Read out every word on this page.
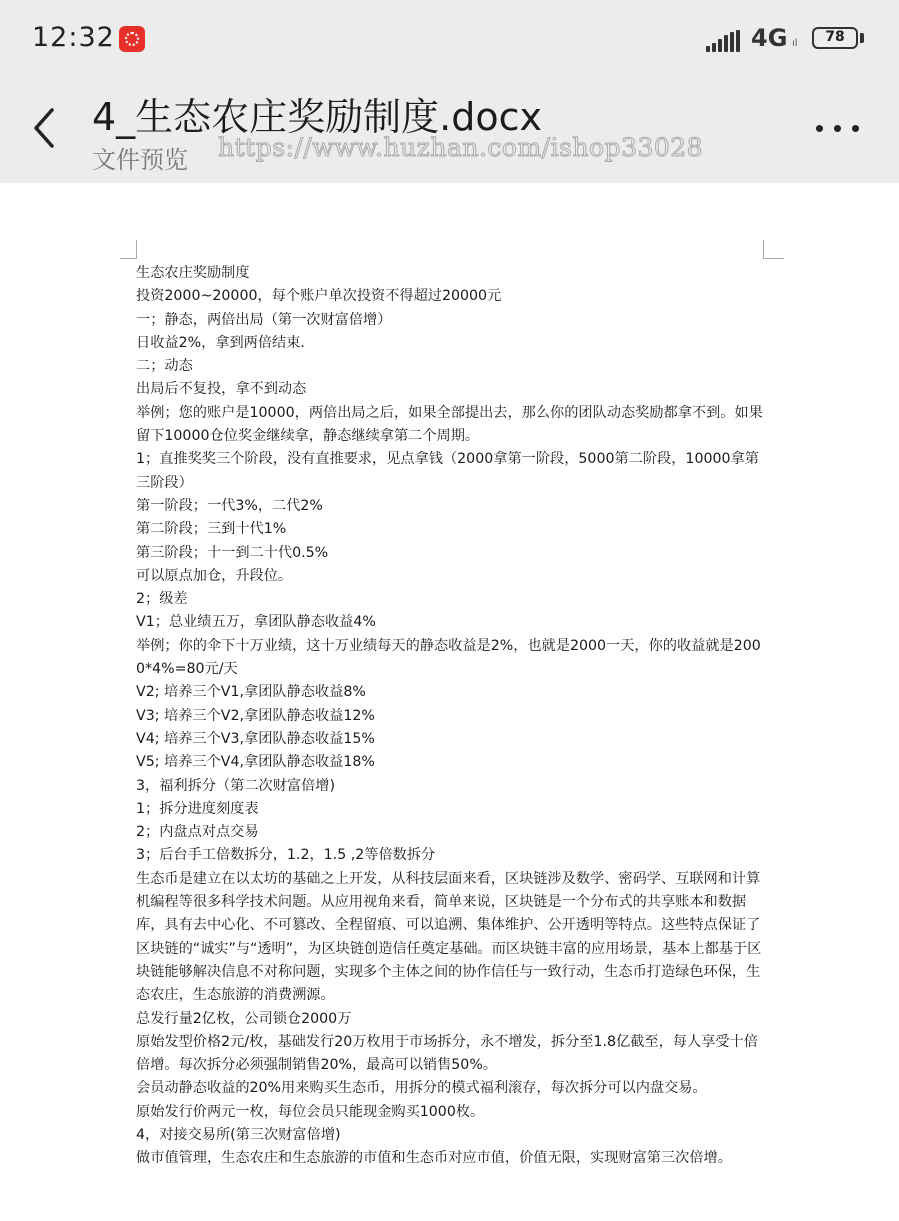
12:32	4G ıl	78
4_生态农庄奖励制度.docx
文件预览 https://www.huzhan.com/ishop33028

生态农庄奖励制度

投资2000~20000，每个账户单次投资不得超过20000元

一；静态，两倍出局（第一次财富倍增）

日收益2%，拿到两倍结束.

二；动态

出局后不复投，拿不到动态

举例；您的账户是10000，两倍出局之后，如果全部提出去，那么你的团队动态奖励都拿不到。如果留下10000仓位奖金继续拿，静态继续拿第二个周期。

1；直推奖奖三个阶段，没有直推要求，见点拿钱（2000拿第一阶段，5000第二阶段，10000拿第三阶段）

第一阶段；一代3%，二代2%

第二阶段；三到十代1%

第三阶段；十一到二十代0.5%

可以原点加仓，升段位。

2；级差

V1；总业绩五万，拿团队静态收益4%

举例；你的伞下十万业绩，这十万业绩每天的静态收益是2%，也就是2000一天，你的收益就是2000*4%=80元/天

V2; 培养三个V1,拿团队静态收益8%

V3; 培养三个V2,拿团队静态收益12%

V4; 培养三个V3,拿团队静态收益15%

V5; 培养三个V4,拿团队静态收益18%

3，福利拆分（第二次财富倍增)

1；拆分进度刻度表

2；内盘点对点交易

3；后台手工倍数拆分，1.2，1.5 ,2等倍数拆分

生态币是建立在以太坊的基础之上开发，从科技层面来看，区块链涉及数学、密码学、互联网和计算机编程等很多科学技术问题。从应用视角来看，简单来说，区块链是一个分布式的共享账本和数据库，具有去中心化、不可篡改、全程留痕、可以追溯、集体维护、公开透明等特点。这些特点保证了区块链的“诚实”与“透明”，为区块链创造信任奠定基础。而区块链丰富的应用场景，基本上都基于区块链能够解决信息不对称问题，实现多个主体之间的协作信任与一致行动，生态币打造绿色环保，生态农庄，生态旅游的消费溯源。

总发行量2亿枚，公司锁仓2000万

原始发型价格2元/枚，基础发行20万枚用于市场拆分，永不增发，拆分至1.8亿截至，每人享受十倍倍增。每次拆分必须强制销售20%，最高可以销售50%。

会员动静态收益的20%用来购买生态币，用拆分的模式福利滚存，每次拆分可以内盘交易。

原始发行价两元一枚，每位会员只能现金购买1000枚。

4，对接交易所(第三次财富倍增)

做市值管理，生态农庄和生态旅游的市值和生态币对应市值，价值无限，实现财富第三次倍增。
